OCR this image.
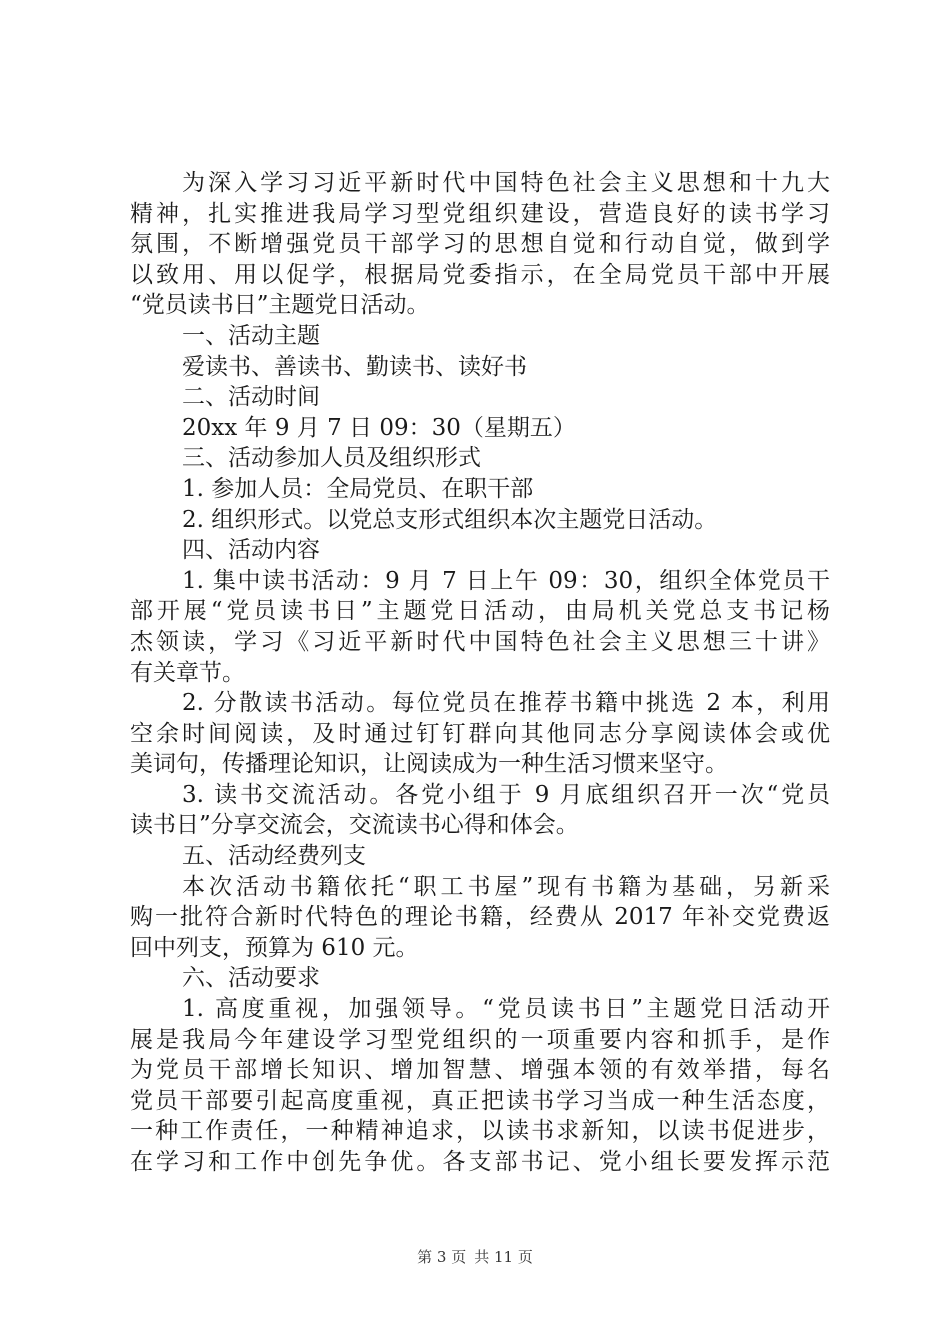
为深入学习习近平新时代中国特色社会主义思想和十九大
精神，扎实推进我局学习型党组织建设，营造良好的读书学习
氛围，不断增强党员干部学习的思想自觉和行动自觉，做到学
以致用、用以促学，根据局党委指示，在全局党员干部中开展
“党员读书日”主题党日活动。
一、活动主题
爱读书、善读书、勤读书、读好书
二、活动时间
20xx 年 9 月 7 日 09：30（星期五）
三、活动参加人员及组织形式
1. 参加人员：全局党员、在职干部
2. 组织形式。以党总支形式组织本次主题党日活动。
四、活动内容
1. 集中读书活动：9 月 7 日上午 09：30，组织全体党员干
部开展“党员读书日”主题党日活动，由局机关党总支书记杨
杰领读，学习《习近平新时代中国特色社会主义思想三十讲》
有关章节。
2. 分散读书活动。每位党员在推荐书籍中挑选 2 本，利用
空余时间阅读，及时通过钉钉群向其他同志分享阅读体会或优
美词句，传播理论知识，让阅读成为一种生活习惯来坚守。
3. 读书交流活动。各党小组于 9 月底组织召开一次“党员
读书日”分享交流会，交流读书心得和体会。
五、活动经费列支
本次活动书籍依托“职工书屋”现有书籍为基础，另新采
购一批符合新时代特色的理论书籍，经费从 2017 年补交党费返
回中列支，预算为 610 元。
六、活动要求
1. 高度重视，加强领导。“党员读书日”主题党日活动开
展是我局今年建设学习型党组织的一项重要内容和抓手，是作
为党员干部增长知识、增加智慧、增强本领的有效举措，每名
党员干部要引起高度重视，真正把读书学习当成一种生活态度，
一种工作责任，一种精神追求，以读书求新知，以读书促进步，
在学习和工作中创先争优。各支部书记、党小组长要发挥示范
第 3 页 共 11 页
